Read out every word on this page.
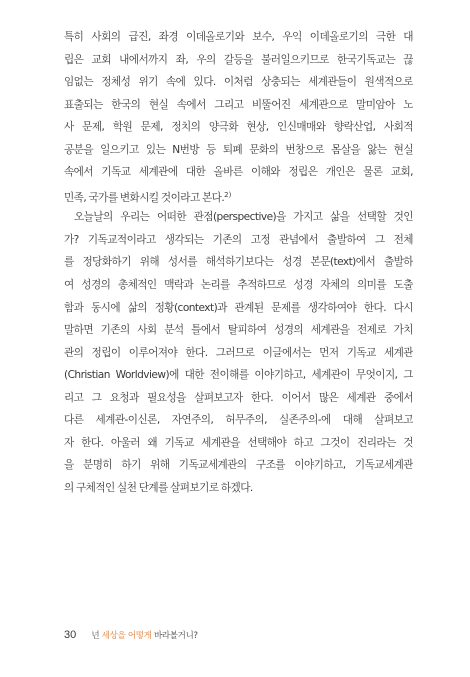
특히 사회의 급진, 좌경 이데올로기와 보수, 우익 이데올로기의 극한 대
립은 교회 내에서까지 좌, 우의 갈등을 불러일으키므로 한국기독교는 끊
임없는 정체성 위기 속에 있다. 이처럼 상충되는 세계관들이 원색적으로
표출되는 한국의 현실 속에서 그리고 비뚤어진 세계관으로 말미암아 노
사 문제, 학원 문제, 정치의 양극화 현상, 인신매매와 향락산업, 사회적
공분을 일으키고 있는 N번방 등 퇴폐 문화의 번창으로 몸살을 앓는 현실
속에서 기독교 세계관에 대한 올바른 이해와 정립은 개인은 물론 교회,
민족, 국가를 변화시킬 것이라고 본다.$^{2)}$
오늘날의 우리는 어떠한 관점(perspective)을 가지고 삶을 선택할 것인
가? 기독교적이라고 생각되는 기존의 고정 관념에서 출발하여 그 전체
를 정당화하기 위해 성서를 해석하기보다는 성경 본문(text)에서 출발하
여 성경의 총체적인 맥락과 논리를 추적하므로 성경 자체의 의미를 도출
함과 동시에 삶의 정황(context)과 관계된 문제를 생각하여야 한다. 다시
말하면 기존의 사회 분석 틀에서 탈피하여 성경의 세계관을 전제로 가치
관의 정립이 이루어져야 한다. 그러므로 이글에서는 먼저 기독교 세계관
(Christian Worldview)에 대한 전이해를 이야기하고, 세계관이 무엇이지, 그
리고 그 요청과 필요성을 살펴보고자 한다. 이어서 많은 세계관 중에서
다른 세계관-이신론, 자연주의, 허무주의, 실존주의-에 대해 살펴보고
자 한다. 아울러 왜 기독교 세계관을 선택해야 하고 그것이 진리라는 것
을 분명히 하기 위해 기독교세계관의 구조를 이야기하고, 기독교세계관
의 구체적인 실천 단계를 살펴보기로 하겠다.
30 넌 세상을 어떻게 바라볼거니?
